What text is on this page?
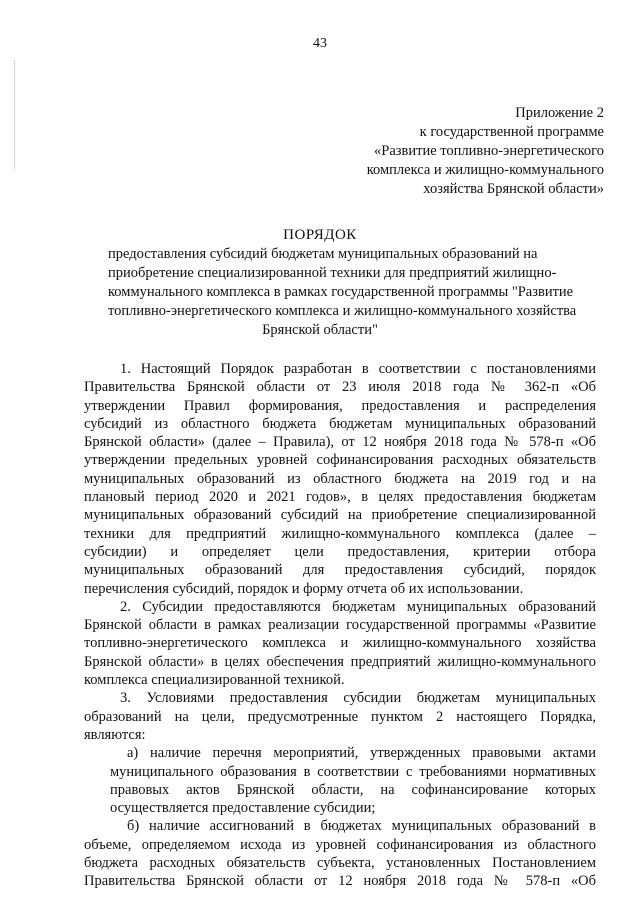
43
Приложение 2
к государственной программе
«Развитие топливно-энергетического
комплекса и жилищно-коммунального
хозяйства Брянской области»
ПОРЯДОК
предоставления субсидий бюджетам муниципальных образований на
приобретение специализированной техники для предприятий жилищно-
коммунального комплекса в рамках государственной программы "Развитие
топливно-энергетического комплекса и жилищно-коммунального хозяйства
Брянской области"
1. Настоящий Порядок разработан в соответствии с постановлениями
Правительства Брянской области от 23 июля 2018 года № 362-п «Об
утверждении Правил формирования, предоставления и распределения
субсидий из областного бюджета бюджетам муниципальных образований
Брянской области» (далее – Правила), от 12 ноября 2018 года № 578-п «Об
утверждении предельных уровней софинансирования расходных обязательств
муниципальных образований из областного бюджета на 2019 год и на
плановый период 2020 и 2021 годов», в целях предоставления бюджетам
муниципальных образований субсидий на приобретение специализированной
техники для предприятий жилищно-коммунального комплекса (далее –
субсидии) и определяет цели предоставления, критерии отбора
муниципальных образований для предоставления субсидий, порядок
перечисления субсидий, порядок и форму отчета об их использовании.
2. Субсидии предоставляются бюджетам муниципальных образований
Брянской области в рамках реализации государственной программы «Развитие
топливно-энергетического комплекса и жилищно-коммунального хозяйства
Брянской области» в целях обеспечения предприятий жилищно-коммунального
комплекса специализированной техникой.
3. Условиями предоставления субсидии бюджетам муниципальных
образований на цели, предусмотренные пунктом 2 настоящего Порядка,
являются:
а) наличие перечня мероприятий, утвержденных правовыми актами
муниципального образования в соответствии с требованиями нормативных
правовых актов Брянской области, на софинансирование которых
осуществляется предоставление субсидии;
б) наличие ассигнований в бюджетах муниципальных образований в
объеме, определяемом исхода из уровней софинансирования из областного
бюджета расходных обязательств субъекта, установленных Постановлением
Правительства Брянской области от 12 ноября 2018 года № 578-п «Об
